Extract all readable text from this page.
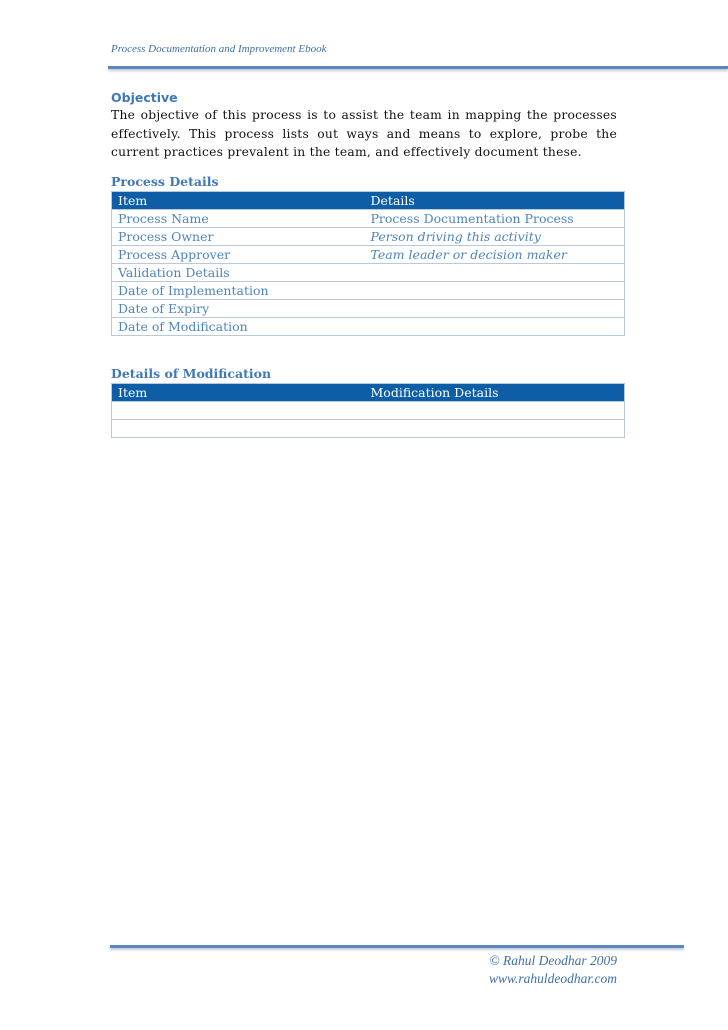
Process Documentation and Improvement Ebook
Objective
The objective of this process is to assist the team in mapping the processes effectively. This process lists out ways and means to explore, probe the current practices prevalent in the team, and effectively document these.
Process Details
Item	Details
Process Name	Process Documentation Process
Process Owner	Person driving this activity
Process Approver	Team leader or decision maker
Validation Details	
Date of Implementation	
Date of Expiry	
Date of Modification	
Details of Modification
Item	Modification Details

© Rahul Deodhar 2009
www.rahuldeodhar.com
